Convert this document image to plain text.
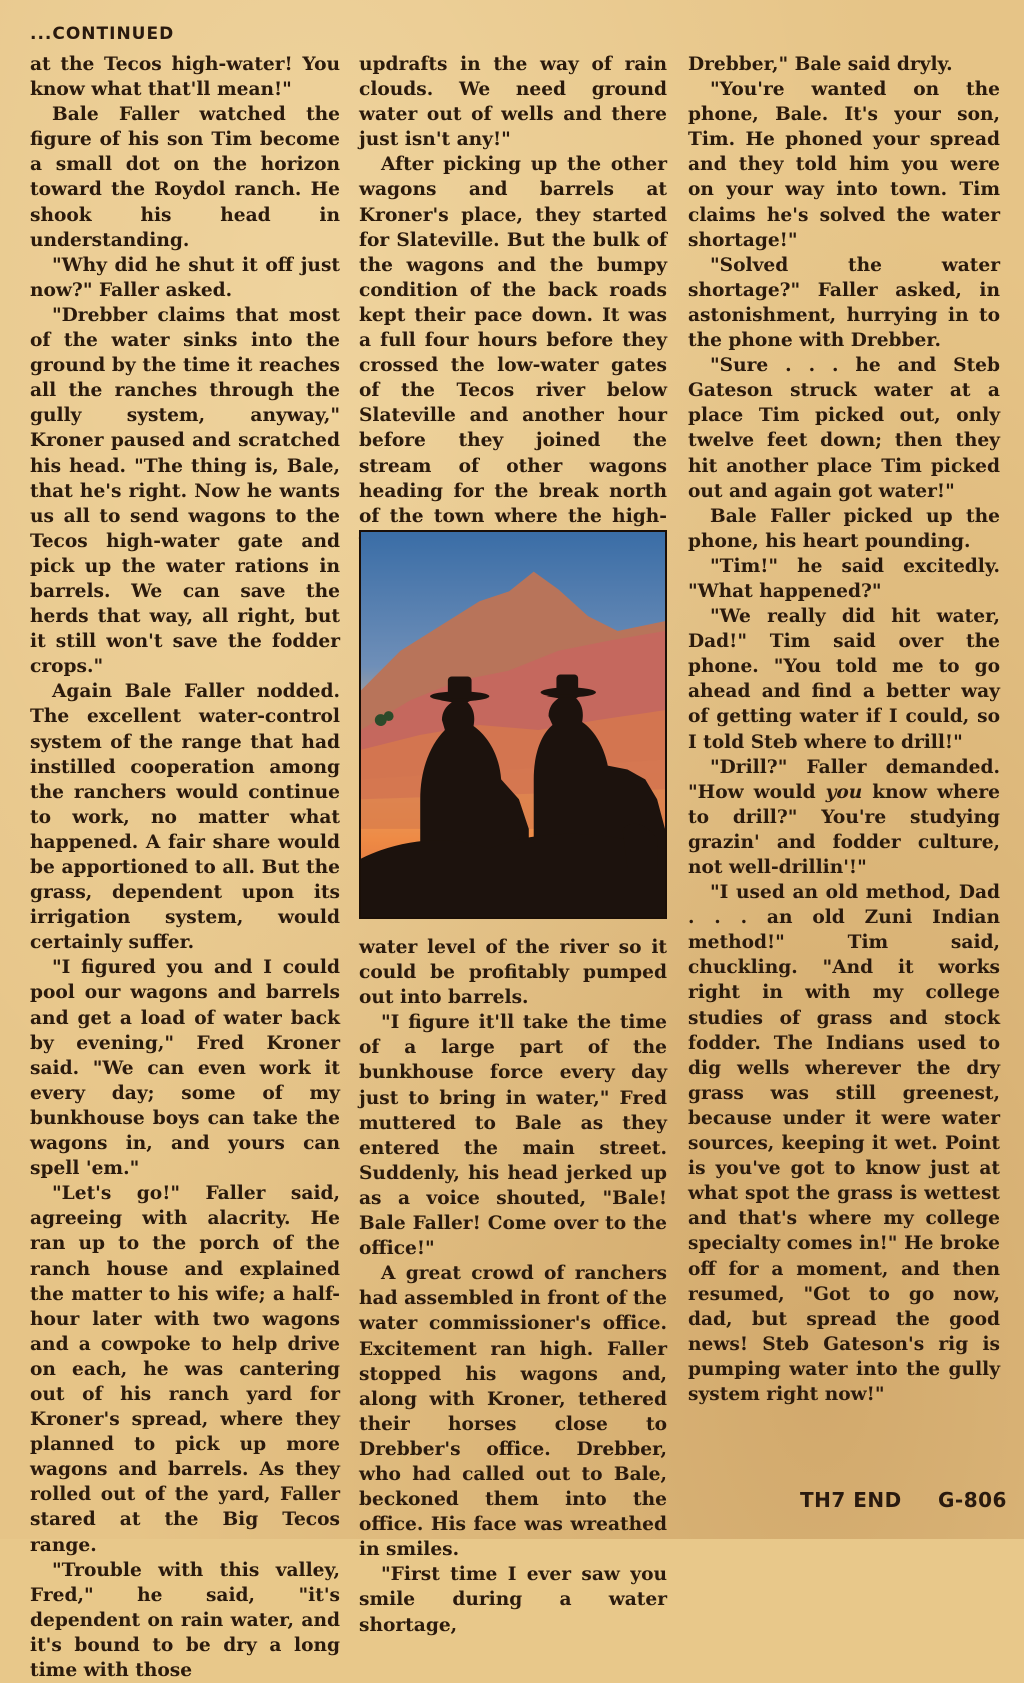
...CONTINUED

at the Tecos high-water! You know what that'll mean!"

Bale Faller watched the figure of his son Tim become a small dot on the horizon toward the Roydol ranch. He shook his head in understanding.

"Why did he shut it off just now?" Faller asked.

"Drebber claims that most of the water sinks into the ground by the time it reaches all the ranches through the gully system, anyway," Kroner paused and scratched his head. "The thing is, Bale, that he's right. Now he wants us all to send wagons to the Tecos high-water gate and pick up the water rations in barrels. We can save the herds that way, all right, but it still won't save the fodder crops."

Again Bale Faller nodded. The excellent water-control system of the range that had instilled cooperation among the ranchers would continue to work, no matter what happened. A fair share would be apportioned to all. But the grass, dependent upon its irrigation system, would certainly suffer.

"I figured you and I could pool our wagons and barrels and get a load of water back by evening," Fred Kroner said. "We can even work it every day; some of my bunkhouse boys can take the wagons in, and yours can spell 'em."

"Let's go!" Faller said, agreeing with alacrity. He ran up to the porch of the ranch house and explained the matter to his wife; a half-hour later with two wagons and a cowpoke to help drive on each, he was cantering out of his ranch yard for Kroner's spread, where they planned to pick up more wagons and barrels. As they rolled out of the yard, Faller stared at the Big Tecos range.

"Trouble with this valley, Fred," he said, "it's dependent on rain water, and it's bound to be dry a long time with those

updrafts in the way of rain clouds. We need ground water out of wells and there just isn't any!"

After picking up the other wagons and barrels at Kroner's place, they started for Slateville. But the bulk of the wagons and the bumpy condition of the back roads kept their pace down. It was a full four hours before they crossed the low-water gates of the Tecos river below Slateville and another hour before they joined the stream of other wagons heading for the break north of the town where the high-

water level of the river so it could be profitably pumped out into barrels.

"I figure it'll take the time of a large part of the bunkhouse force every day just to bring in water," Fred muttered to Bale as they entered the main street. Suddenly, his head jerked up as a voice shouted, "Bale! Bale Faller! Come over to the office!"

A great crowd of ranchers had assembled in front of the water commissioner's office. Excitement ran high. Faller stopped his wagons and, along with Kroner, tethered their horses close to Drebber's office. Drebber, who had called out to Bale, beckoned them into the office. His face was wreathed in smiles.

"First time I ever saw you smile during a water shortage,

Drebber," Bale said dryly.

"You're wanted on the phone, Bale. It's your son, Tim. He phoned your spread and they told him you were on your way into town. Tim claims he's solved the water shortage!"

"Solved the water shortage?" Faller asked, in astonishment, hurrying in to the phone with Drebber.

"Sure . . . he and Steb Gateson struck water at a place Tim picked out, only twelve feet down; then they hit another place Tim picked out and again got water!"

Bale Faller picked up the phone, his heart pounding.

"Tim!" he said excitedly. "What happened?"

"We really did hit water, Dad!" Tim said over the phone. "You told me to go ahead and find a better way of getting water if I could, so I told Steb where to drill!"

"Drill?" Faller demanded. "How would you know where to drill?" You're studying grazin' and fodder culture, not well-drillin'!"

"I used an old method, Dad . . . an old Zuni Indian method!" Tim said, chuckling. "And it works right in with my college studies of grass and stock fodder. The Indians used to dig wells wherever the dry grass was still greenest, because under it were water sources, keeping it wet. Point is you've got to know just at what spot the grass is wettest and that's where my college specialty comes in!" He broke off for a moment, and then resumed, "Got to go now, dad, but spread the good news! Steb Gateson's rig is pumping water into the gully system right now!"

TH7 END G-806
